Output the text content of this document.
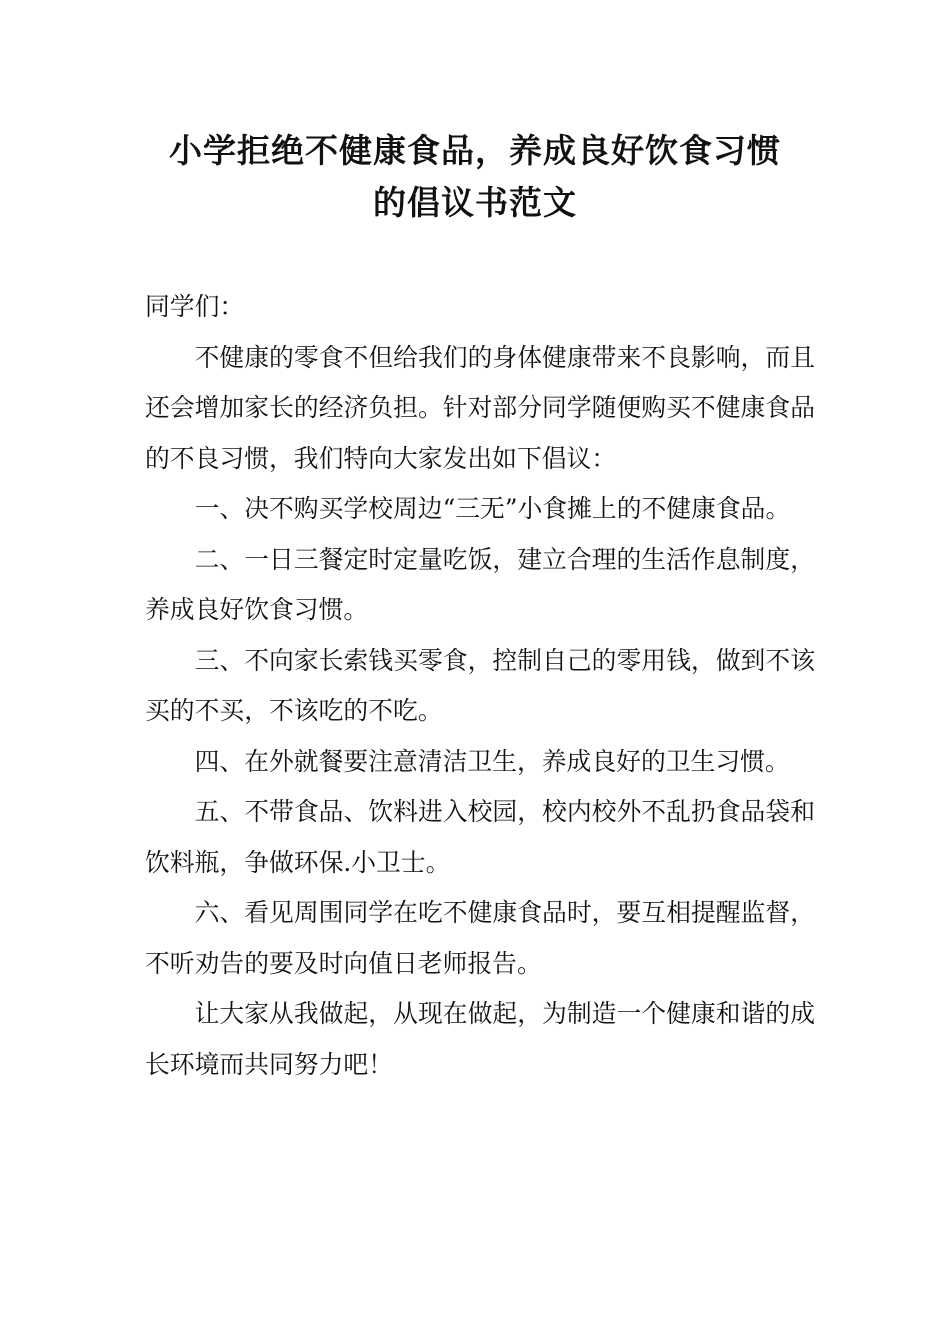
小学拒绝不健康食品，养成良好饮食习惯
的倡议书范文

同学们：

不健康的零食不但给我们的身体健康带来不良影响，而且还会增加家长的经济负担。针对部分同学随便购买不健康食品的不良习惯，我们特向大家发出如下倡议：

一、决不购买学校周边“三无”小食摊上的不健康食品。

二、一日三餐定时定量吃饭，建立合理的生活作息制度，养成良好饮食习惯。

三、不向家长索钱买零食，控制自己的零用钱，做到不该买的不买，不该吃的不吃。

四、在外就餐要注意清洁卫生，养成良好的卫生习惯。

五、不带食品、饮料进入校园，校内校外不乱扔食品袋和饮料瓶，争做环保.小卫士。

六、看见周围同学在吃不健康食品时，要互相提醒监督，不听劝告的要及时向值日老师报告。

让大家从我做起，从现在做起，为制造一个健康和谐的成长环境而共同努力吧！
